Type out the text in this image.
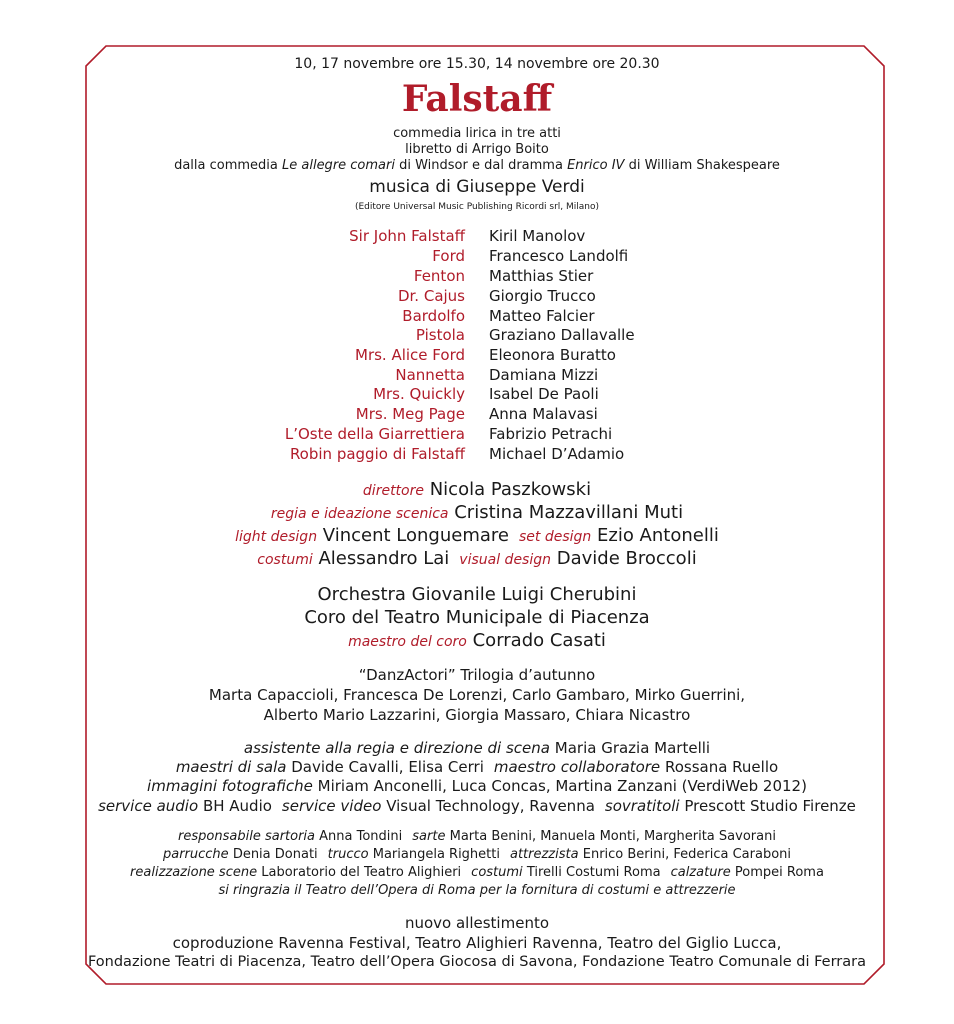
10, 17 novembre ore 15.30, 14 novembre ore 20.30
Falstaff
commedia lirica in tre atti
libretto di Arrigo Boito
dalla commedia Le allegre comari di Windsor e dal dramma Enrico IV di William Shakespeare
musica di Giuseppe Verdi
(Editore Universal Music Publishing Ricordi srl, Milano)
Sir John Falstaff Kiril Manolov
Ford Francesco Landolfi
Fenton Matthias Stier
Dr. Cajus Giorgio Trucco
Bardolfo Matteo Falcier
Pistola Graziano Dallavalle
Mrs. Alice Ford Eleonora Buratto
Nannetta Damiana Mizzi
Mrs. Quickly Isabel De Paoli
Mrs. Meg Page Anna Malavasi
L’Oste della Giarrettiera Fabrizio Petrachi
Robin paggio di Falstaff Michael D’Adamio
direttore Nicola Paszkowski
regia e ideazione scenica Cristina Mazzavillani Muti
light design Vincent Longuemare set design Ezio Antonelli
costumi Alessandro Lai visual design Davide Broccoli
Orchestra Giovanile Luigi Cherubini
Coro del Teatro Municipale di Piacenza
maestro del coro Corrado Casati
“DanzActori” Trilogia d’autunno
Marta Capaccioli, Francesca De Lorenzi, Carlo Gambaro, Mirko Guerrini,
Alberto Mario Lazzarini, Giorgia Massaro, Chiara Nicastro
assistente alla regia e direzione di scena Maria Grazia Martelli
maestri di sala Davide Cavalli, Elisa Cerri maestro collaboratore Rossana Ruello
immagini fotografiche Miriam Anconelli, Luca Concas, Martina Zanzani (VerdiWeb 2012)
service audio BH Audio service video Visual Technology, Ravenna sovratitoli Prescott Studio Firenze
responsabile sartoria Anna Tondini sarte Marta Benini, Manuela Monti, Margherita Savorani
parrucche Denia Donati trucco Mariangela Righetti attrezzista Enrico Berini, Federica Caraboni
realizzazione scene Laboratorio del Teatro Alighieri costumi Tirelli Costumi Roma calzature Pompei Roma
si ringrazia il Teatro dell’Opera di Roma per la fornitura di costumi e attrezzerie
nuovo allestimento
coproduzione Ravenna Festival, Teatro Alighieri Ravenna, Teatro del Giglio Lucca,
Fondazione Teatri di Piacenza, Teatro dell’Opera Giocosa di Savona, Fondazione Teatro Comunale di Ferrara
